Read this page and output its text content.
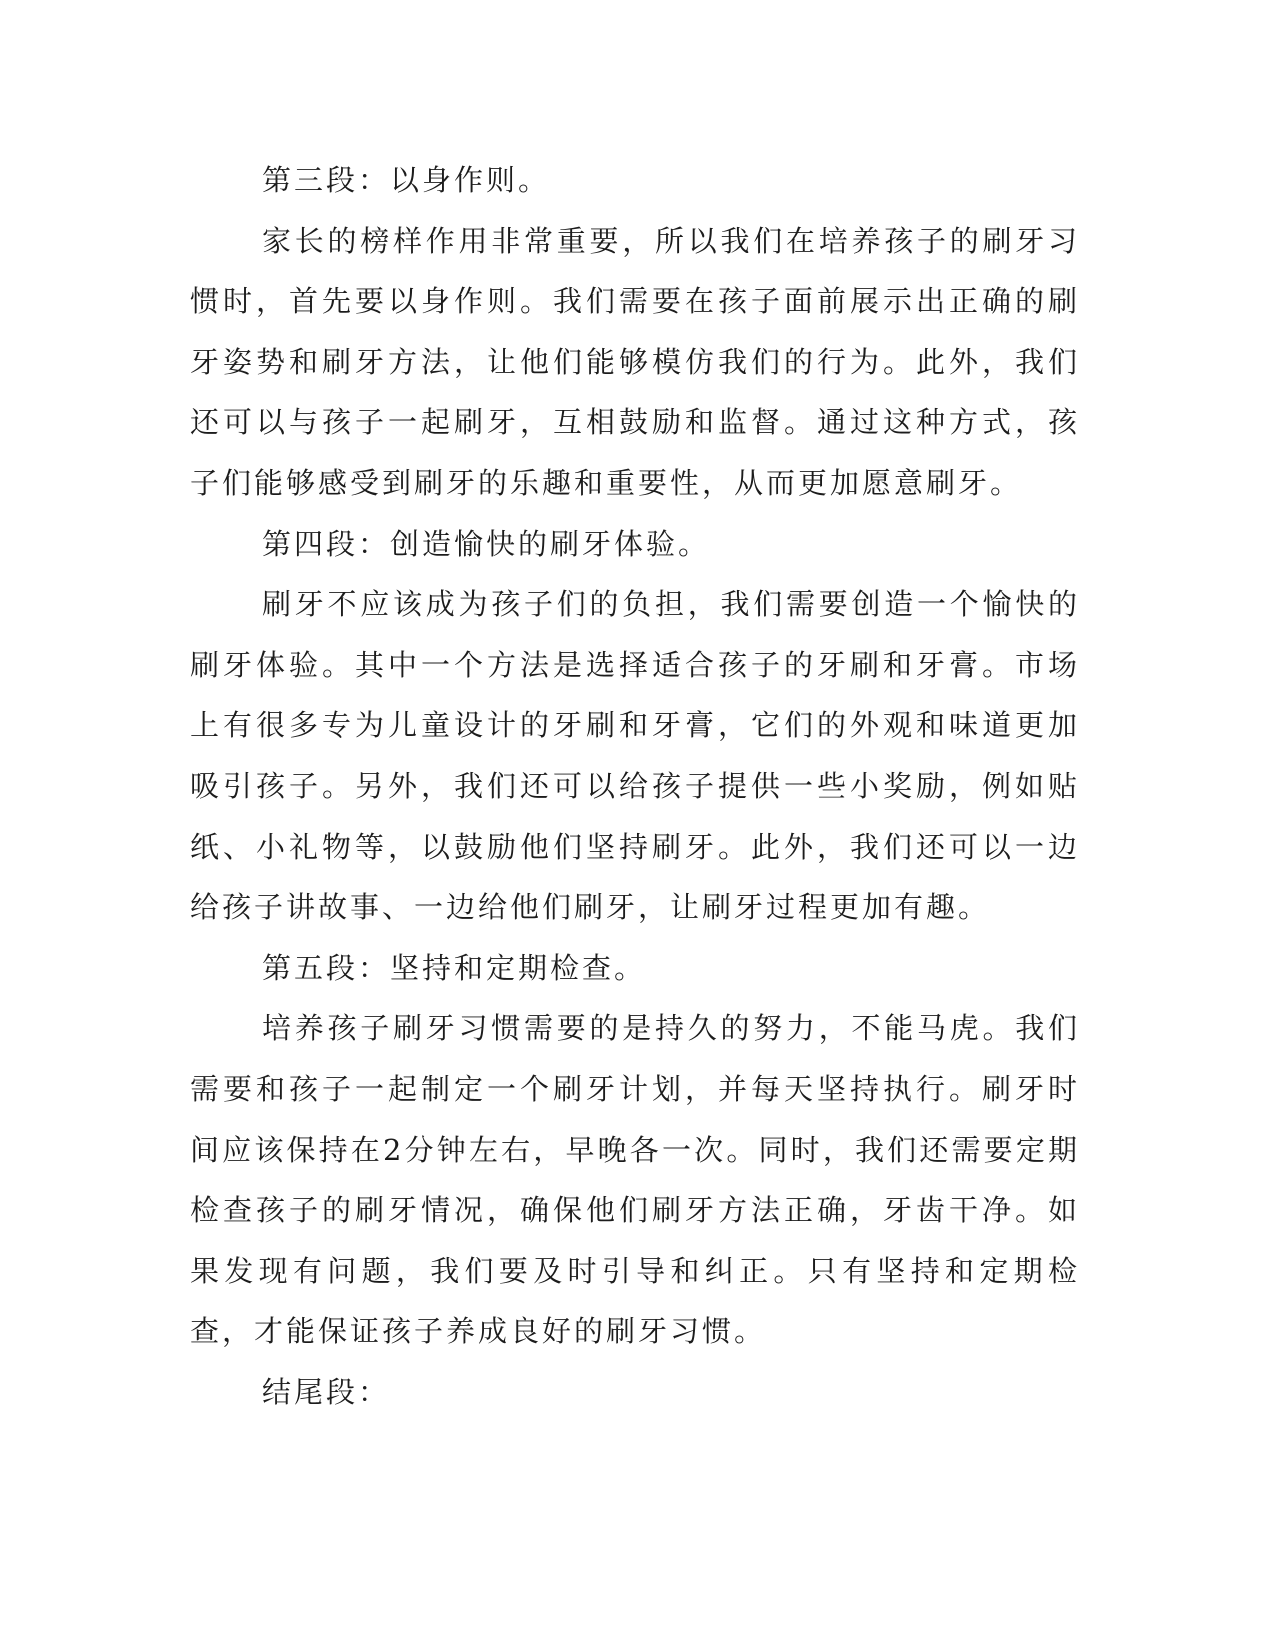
第三段：以身作则。

家长的榜样作用非常重要，所以我们在培养孩子的刷牙习惯时，首先要以身作则。我们需要在孩子面前展示出正确的刷牙姿势和刷牙方法，让他们能够模仿我们的行为。此外，我们还可以与孩子一起刷牙，互相鼓励和监督。通过这种方式，孩子们能够感受到刷牙的乐趣和重要性，从而更加愿意刷牙。

第四段：创造愉快的刷牙体验。

刷牙不应该成为孩子们的负担，我们需要创造一个愉快的刷牙体验。其中一个方法是选择适合孩子的牙刷和牙膏。市场上有很多专为儿童设计的牙刷和牙膏，它们的外观和味道更加吸引孩子。另外，我们还可以给孩子提供一些小奖励，例如贴纸、小礼物等，以鼓励他们坚持刷牙。此外，我们还可以一边给孩子讲故事、一边给他们刷牙，让刷牙过程更加有趣。

第五段：坚持和定期检查。

培养孩子刷牙习惯需要的是持久的努力，不能马虎。我们需要和孩子一起制定一个刷牙计划，并每天坚持执行。刷牙时间应该保持在2分钟左右，早晚各一次。同时，我们还需要定期检查孩子的刷牙情况，确保他们刷牙方法正确，牙齿干净。如果发现有问题，我们要及时引导和纠正。只有坚持和定期检查，才能保证孩子养成良好的刷牙习惯。

结尾段：
